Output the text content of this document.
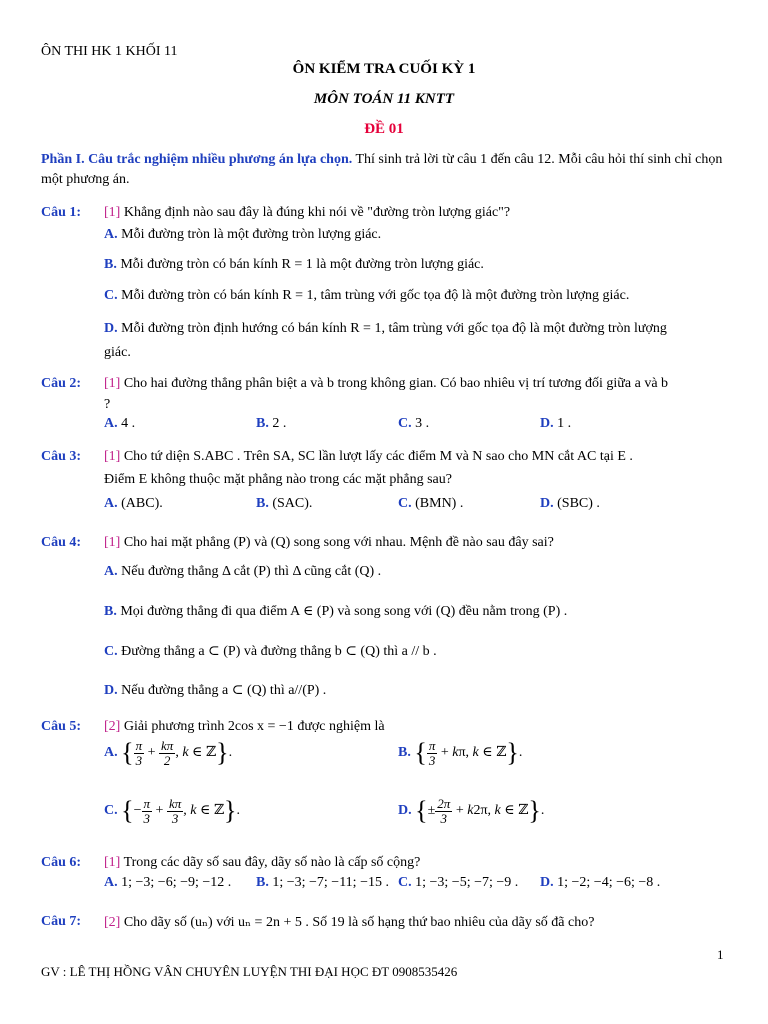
ÔN THI HK 1 KHỐI 11
ÔN KIỂM TRA CUỐI KỲ 1
MÔN TOÁN 11 KNTT
ĐỀ 01
Phần I. Câu trắc nghiệm nhiều phương án lựa chọn. Thí sinh trả lời từ câu 1 đến câu 12. Mỗi câu hỏi thí sinh chỉ chọn một phương án.
Câu 1: [1] Khẳng định nào sau đây là đúng khi nói về "đường tròn lượng giác"?
A. Mỗi đường tròn là một đường tròn lượng giác.
B. Mỗi đường tròn có bán kính R = 1 là một đường tròn lượng giác.
C. Mỗi đường tròn có bán kính R = 1, tâm trùng với gốc tọa độ là một đường tròn lượng giác.
D. Mỗi đường tròn định hướng có bán kính R = 1, tâm trùng với gốc tọa độ là một đường tròn lượng
giác.
Câu 2: [1] Cho hai đường thẳng phân biệt a và b trong không gian. Có bao nhiêu vị trí tương đối giữa a và b
?
A. 4 .	B. 2 .	C. 3 .	D. 1 .
Câu 3: [1] Cho tứ diện S.ABC . Trên SA, SC lần lượt lấy các điểm M và N sao cho MN cắt AC tại E .
Điểm E không thuộc mặt phẳng nào trong các mặt phẳng sau?
A. (ABC).	B. (SAC).	C. (BMN) .	D. (SBC) .
Câu 4: [1] Cho hai mặt phẳng (P) và (Q) song song với nhau. Mệnh đề nào sau đây sai?
A. Nếu đường thẳng Δ cắt (P) thì Δ cũng cắt (Q) .
B. Mọi đường thẳng đi qua điểm A ∈ (P) và song song với (Q) đều nằm trong (P) .
C. Đường thẳng a ⊂ (P) và đường thẳng b ⊂ (Q) thì a // b .
D. Nếu đường thẳng a ⊂ (Q) thì a//(P) .
Câu 5: [2] Giải phương trình 2cos x = −1 được nghiệm là
A. { $\frac{\pi}{3} + \frac{k\pi}{2}$ , k ∈ ℤ}.	B. { $\frac{\pi}{3} + k\pi$, k ∈ ℤ}.
C. {− $\frac{\pi}{3} + \frac{k\pi}{3}$ , k ∈ ℤ}.	D. {± $\frac{2\pi}{3} + k2\pi$, k ∈ ℤ}.
Câu 6: [1] Trong các dãy số sau đây, dãy số nào là cấp số cộng?
A. 1; −3; −6; −9; −12 . B. 1; −3; −7; −11; −15 . C. 1; −3; −5; −7; −9 . D. 1; −2; −4; −6; −8 .
Câu 7: [2] Cho dãy số (uₙ) với uₙ = 2n + 5 . Số 19 là số hạng thứ bao nhiêu của dãy số đã cho?
1
GV : LÊ THỊ HỒNG VÂN CHUYÊN LUYỆN THI ĐẠI HỌC ĐT 0908535426
